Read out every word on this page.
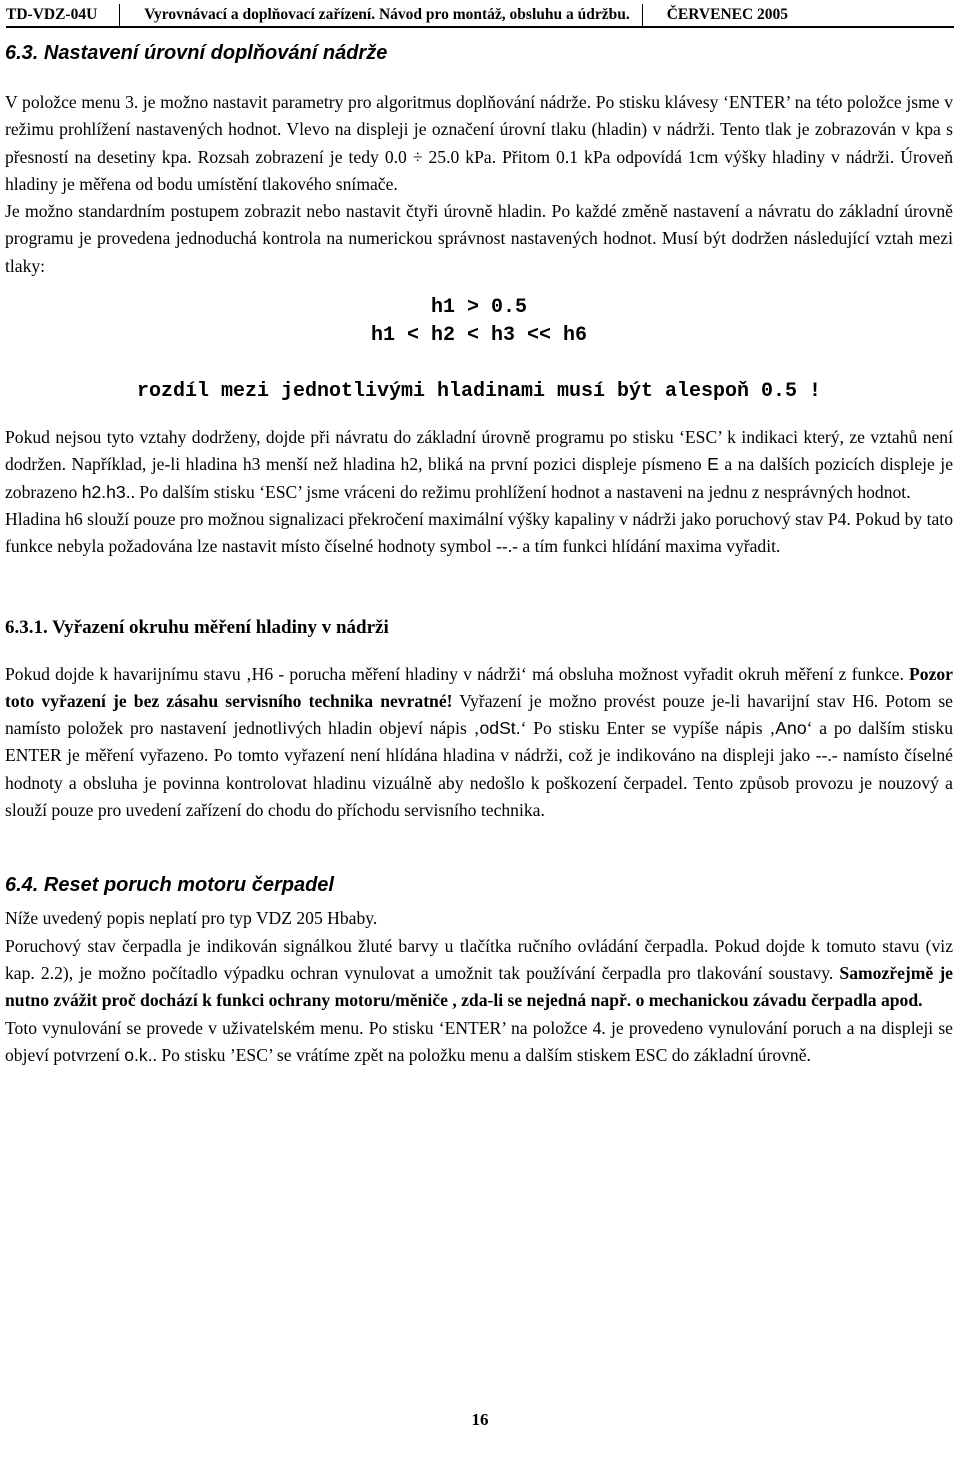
TD-VDZ-04U	Vyrovnávací a doplňovací zařízení. Návod pro montáž, obsluhu a údržbu.	ČERVENEC 2005
6.3. Nastavení úrovní doplňování nádrže

V položce menu 3. je možno nastavit parametry pro algoritmus doplňování nádrže. Po stisku klávesy ‘ENTER’ na této položce jsme v režimu prohlížení nastavených hodnot. Vlevo na displeji je označení úrovní tlaku (hladin) v nádrži. Tento tlak je zobrazován v kpa s přesností na desetiny kpa. Rozsah zobrazení je tedy 0.0 ÷ 25.0 kPa. Přitom 0.1 kPa odpovídá 1cm výšky hladiny v nádrži. Úroveň hladiny je měřena od bodu umístění tlakového snímače.

Je možno standardním postupem zobrazit nebo nastavit čtyři úrovně hladin. Po každé změně nastavení a návratu do základní úrovně programu je provedena jednoduchá kontrola na numerickou správnost nastavených hodnot. Musí být dodržen následující vztah mezi tlaky:

h1 > 0.5

h1 < h2 < h3 << h6

rozdíl mezi jednotlivými hladinami musí být alespoň 0.5 !

Pokud nejsou tyto vztahy dodrženy, dojde při návratu do základní úrovně programu po stisku ‘ESC’ k indikaci který, ze vztahů není dodržen. Například, je-li hladina h3 menší než hladina h2, bliká na první pozici displeje písmeno E a na dalších pozicích displeje je zobrazeno h2.h3.. Po dalším stisku ‘ESC’ jsme vráceni do režimu prohlížení hodnot a nastaveni na jednu z nesprávných hodnot.

Hladina h6 slouží pouze pro možnou signalizaci překročení maximální výšky kapaliny v nádrži jako poruchový stav P4. Pokud by tato funkce nebyla požadována lze nastavit místo číselné hodnoty symbol --.- a tím funkci hlídání maxima vyřadit.

6.3.1. Vyřazení okruhu měření hladiny v nádrži

Pokud dojde k havarijnímu stavu ‚H6 - porucha měření hladiny v nádrži‘ má obsluha možnost vyřadit okruh měření z funkce. Pozor toto vyřazení je bez zásahu servisního technika nevratné! Vyřazení je možno provést pouze je-li havarijní stav H6. Potom se namísto položek pro nastavení jednotlivých hladin objeví nápis ‚odSt.‘ Po stisku Enter se vypíše nápis ‚Ano‘ a po dalším stisku ENTER je měření vyřazeno. Po tomto vyřazení není hlídána hladina v nádrži, což je indikováno na displeji jako --.- namísto číselné hodnoty a obsluha je povinna kontrolovat hladinu vizuálně aby nedošlo k poškození čerpadel. Tento způsob provozu je nouzový a slouží pouze pro uvedení zařízení do chodu do příchodu servisního technika.

6.4. Reset poruch motoru čerpadel

Níže uvedený popis neplatí pro typ VDZ 205 Hbaby.

Poruchový stav čerpadla je indikován signálkou žluté barvy u tlačítka ručního ovládání čerpadla. Pokud dojde k tomuto stavu (viz kap. 2.2), je možno počítadlo výpadku ochran vynulovat a umožnit tak používání čerpadla pro tlakování soustavy. Samozřejmě je nutno zvážit proč dochází k funkci ochrany motoru/měniče , zda-li se nejedná např. o mechanickou závadu čerpadla apod.

Toto vynulování se provede v uživatelském menu. Po stisku ‘ENTER’ na položce 4. je provedeno vynulování poruch a na displeji se objeví potvrzení o.k.. Po stisku ’ESC’ se vrátíme zpět na položku menu a dalším stiskem ESC do základní úrovně.

16
